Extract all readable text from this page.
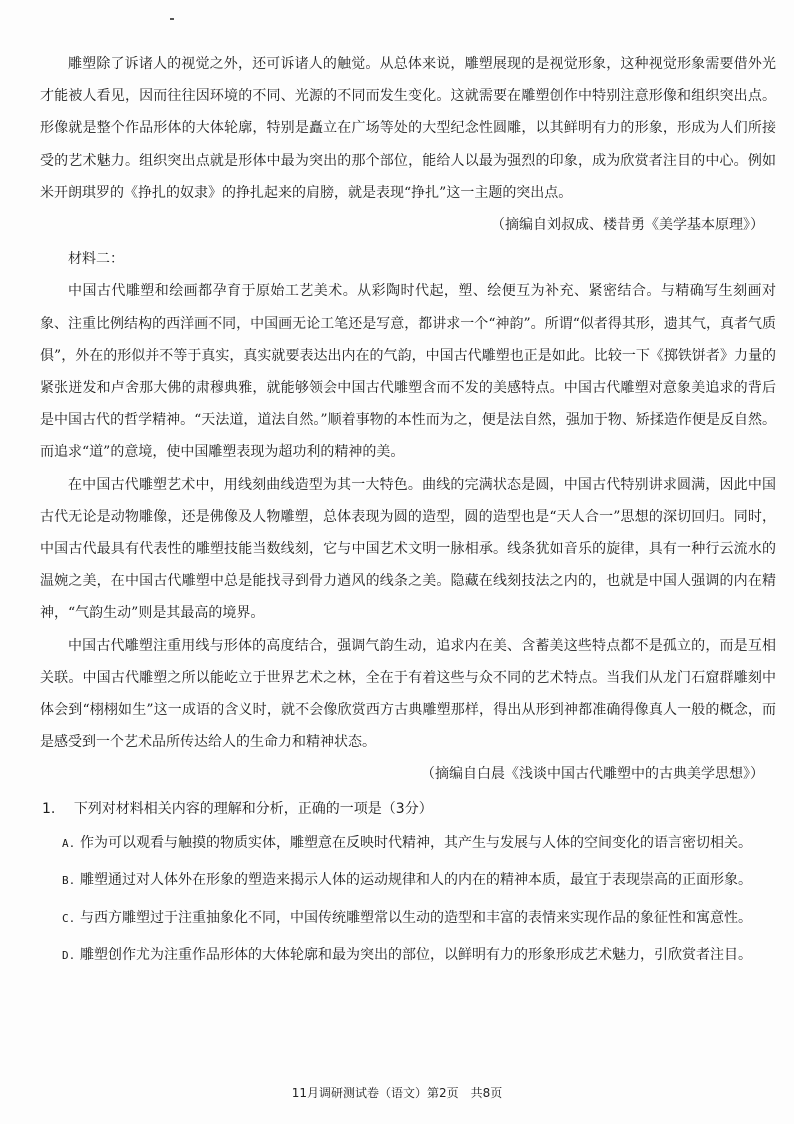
雕塑除了诉诸人的视觉之外，还可诉诸人的触觉。从总体来说，雕塑展现的是视觉形象，这种视觉形象需要借外光才能被人看见，因而往往因环境的不同、光源的不同而发生变化。这就需要在雕塑创作中特别注意形像和组织突出点。形像就是整个作品形体的大体轮廓，特别是矗立在广场等处的大型纪念性圆雕，以其鲜明有力的形象，形成为人们所接受的艺术魅力。组织突出点就是形体中最为突出的那个部位，能给人以最为强烈的印象，成为欣赏者注目的中心。例如米开朗琪罗的《挣扎的奴隶》的挣扎起来的肩膀，就是表现“挣扎”这一主题的突出点。

（摘编自刘叔成、楼昔勇《美学基本原理》）

材料二：

中国古代雕塑和绘画都孕育于原始工艺美术。从彩陶时代起，塑、绘便互为补充、紧密结合。与精确写生刻画对象、注重比例结构的西洋画不同，中国画无论工笔还是写意，都讲求一个“神韵”。所谓“似者得其形，遗其气，真者气质俱”，外在的形似并不等于真实，真实就要表达出内在的气韵，中国古代雕塑也正是如此。比较一下《掷铁饼者》力量的紧张迸发和卢舍那大佛的肃穆典雅，就能够领会中国古代雕塑含而不发的美感特点。中国古代雕塑对意象美追求的背后是中国古代的哲学精神。“天法道，道法自然。”顺着事物的本性而为之，便是法自然，强加于物、矫揉造作便是反自然。而追求“道”的意境，使中国雕塑表现为超功利的精神的美。

在中国古代雕塑艺术中，用线刻曲线造型为其一大特色。曲线的完满状态是圆，中国古代特别讲求圆满，因此中国古代无论是动物雕像，还是佛像及人物雕塑，总体表现为圆的造型，圆的造型也是“天人合一”思想的深切回归。同时，中国古代最具有代表性的雕塑技能当数线刻，它与中国艺术文明一脉相承。线条犹如音乐的旋律，具有一种行云流水的温婉之美，在中国古代雕塑中总是能找寻到骨力遒风的线条之美。隐藏在线刻技法之内的，也就是中国人强调的内在精神，“气韵生动”则是其最高的境界。

中国古代雕塑注重用线与形体的高度结合，强调气韵生动，追求内在美、含蓄美这些特点都不是孤立的，而是互相关联。中国古代雕塑之所以能屹立于世界艺术之林，全在于有着这些与众不同的艺术特点。当我们从龙门石窟群雕刻中体会到“栩栩如生”这一成语的含义时，就不会像欣赏西方古典雕塑那样，得出从形到神都准确得像真人一般的概念，而是感受到一个艺术品所传达给人的生命力和精神状态。

（摘编自白晨《浅谈中国古代雕塑中的古典美学思想》）

1. 下列对材料相关内容的理解和分析，正确的一项是（3分）

A. 作为可以观看与触摸的物质实体，雕塑意在反映时代精神，其产生与发展与人体的空间变化的语言密切相关。

B. 雕塑通过对人体外在形象的塑造来揭示人体的运动规律和人的内在的精神本质，最宜于表现崇高的正面形象。

C. 与西方雕塑过于注重抽象化不同，中国传统雕塑常以生动的造型和丰富的表情来实现作品的象征性和寓意性。

D. 雕塑创作尤为注重作品形体的大体轮廓和最为突出的部位，以鲜明有力的形象形成艺术魅力，引欣赏者注目。

11月调研测试卷（语文）第2页　共8页
